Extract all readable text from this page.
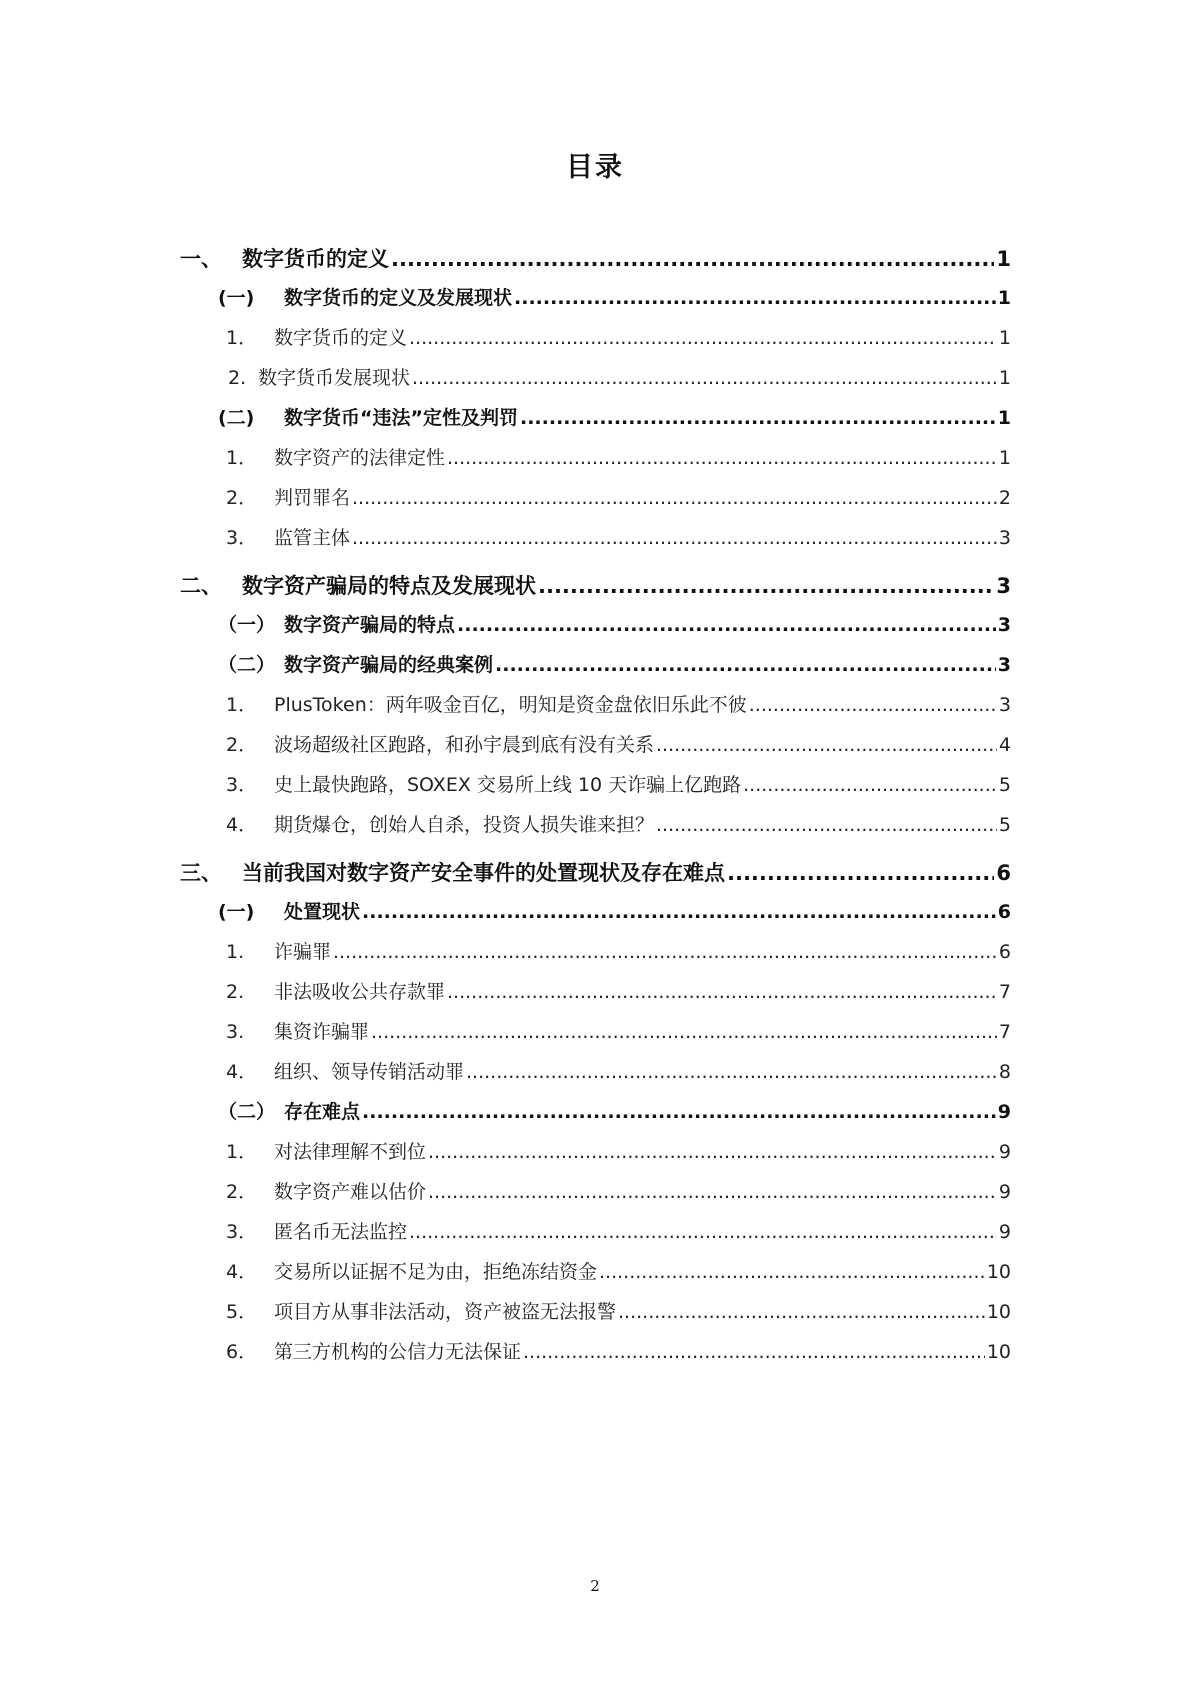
目录
一、 数字货币的定义 .....	1
(一)	数字货币的定义及发展现状 .....	1
1． 数字货币的定义 .....	1
2. 数字货币发展现状 .....	1
(二)	数字货币“违法”定性及判罚 .....	1
1． 数字资产的法律定性 .....	1
2． 判罚罪名 .....	2
3． 监管主体 .....	3
二、 数字资产骗局的特点及发展现状 .....	3
（一） 数字资产骗局的特点 .....	3
（二） 数字资产骗局的经典案例 .....	3
1． PlusToken：两年吸金百亿，明知是资金盘依旧乐此不彼 .....	3
2． 波场超级社区跑路，和孙宇晨到底有没有关系 .....	4
3． 史上最快跑路，SOXEX 交易所上线 10 天诈骗上亿跑路 .....	5
4． 期货爆仓，创始人自杀，投资人损失谁来担？ .....	5
三、 当前我国对数字资产安全事件的处置现状及存在难点 .....	6
(一)	处置现状 .....	6
1.	诈骗罪 .....	6
2.	非法吸收公共存款罪 .....	7
3.	集资诈骗罪 .....	7
4． 组织、领导传销活动罪 .....	8
（二） 存在难点 .....	9
1． 对法律理解不到位 .....	9
2． 数字资产难以估价 .....	9
3． 匿名币无法监控 .....	9
4． 交易所以证据不足为由，拒绝冻结资金 .....	10
5． 项目方从事非法活动，资产被盗无法报警 .....	10
6． 第三方机构的公信力无法保证 .....	10
2
